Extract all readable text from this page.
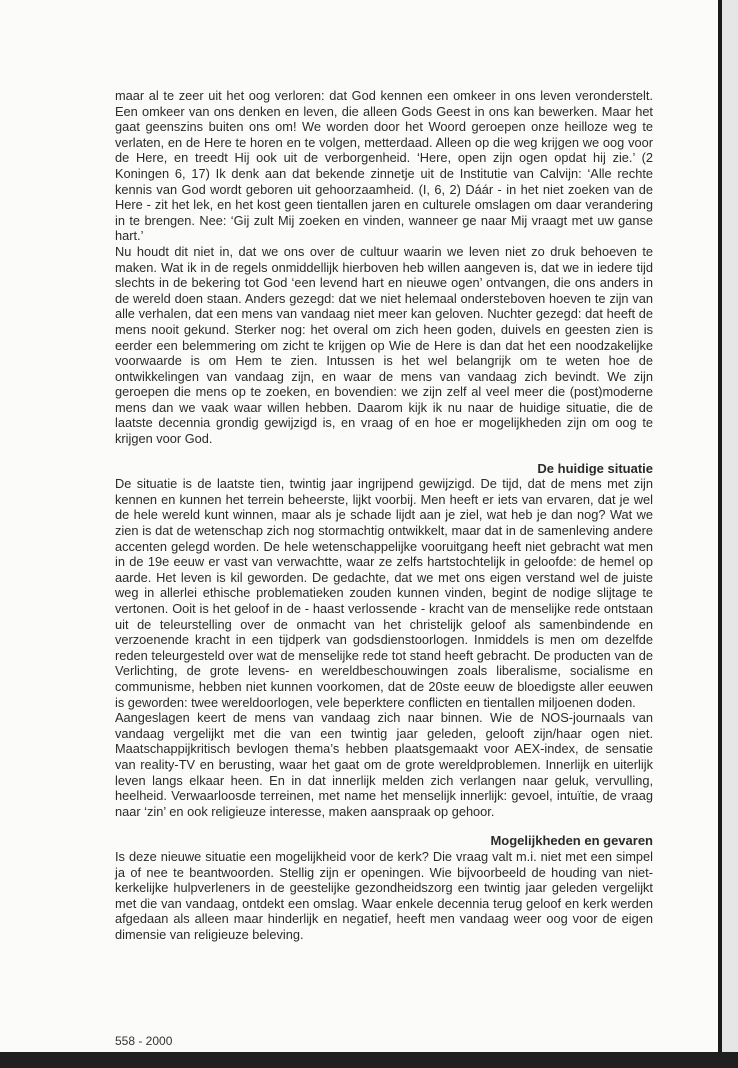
maar al te zeer uit het oog verloren: dat God kennen een omkeer in ons leven veronderstelt. Een omkeer van ons denken en leven, die alleen Gods Geest in ons kan bewerken. Maar het gaat geenszins buiten ons om! We worden door het Woord geroepen onze heilloze weg te verlaten, en de Here te horen en te volgen, metterdaad. Alleen op die weg krijgen we oog voor de Here, en treedt Hij ook uit de verborgenheid. ‘Here, open zijn ogen opdat hij zie.’ (2 Koningen 6, 17) Ik denk aan dat bekende zinnetje uit de Institutie van Calvijn: ‘Alle rechte kennis van God wordt geboren uit gehoorzaamheid. (I, 6, 2) Dáár - in het niet zoeken van de Here - zit het lek, en het kost geen tientallen jaren en culturele omslagen om daar verandering in te brengen. Nee: ‘Gij zult Mij zoeken en vinden, wanneer ge naar Mij vraagt met uw ganse hart.’

Nu houdt dit niet in, dat we ons over de cultuur waarin we leven niet zo druk behoeven te maken. Wat ik in de regels onmiddellijk hierboven heb willen aangeven is, dat we in iedere tijd slechts in de bekering tot God ‘een levend hart en nieuwe ogen’ ontvangen, die ons anders in de wereld doen staan. Anders gezegd: dat we niet helemaal ondersteboven hoeven te zijn van alle verhalen, dat een mens van vandaag niet meer kan geloven. Nuchter gezegd: dat heeft de mens nooit gekund. Sterker nog: het overal om zich heen goden, duivels en geesten zien is eerder een belemmering om zicht te krijgen op Wie de Here is dan dat het een noodzakelijke voorwaarde is om Hem te zien. Intussen is het wel belangrijk om te weten hoe de ontwikkelingen van vandaag zijn, en waar de mens van vandaag zich bevindt. We zijn geroepen die mens op te zoeken, en bovendien: we zijn zelf al veel meer die (post)moderne mens dan we vaak waar willen hebben. Daarom kijk ik nu naar de huidige situatie, die de laatste decennia grondig gewijzigd is, en vraag of en hoe er mogelijkheden zijn om oog te krijgen voor God.

De huidige situatie

De situatie is de laatste tien, twintig jaar ingrijpend gewijzigd. De tijd, dat de mens met zijn kennen en kunnen het terrein beheerste, lijkt voorbij. Men heeft er iets van ervaren, dat je wel de hele wereld kunt winnen, maar als je schade lijdt aan je ziel, wat heb je dan nog? Wat we zien is dat de wetenschap zich nog stormachtig ontwikkelt, maar dat in de samenleving andere accenten gelegd worden. De hele wetenschappelijke vooruitgang heeft niet gebracht wat men in de 19e eeuw er vast van verwachtte, waar ze zelfs hartstochtelijk in geloofde: de hemel op aarde. Het leven is kil geworden. De gedachte, dat we met ons eigen verstand wel de juiste weg in allerlei ethische problematieken zouden kunnen vinden, begint de nodige slijtage te vertonen. Ooit is het geloof in de - haast verlossende - kracht van de menselijke rede ontstaan uit de teleurstelling over de onmacht van het christelijk geloof als samenbindende en verzoenende kracht in een tijdperk van godsdienstoorlogen. Inmiddels is men om dezelfde reden teleurgesteld over wat de menselijke rede tot stand heeft gebracht. De producten van de Verlichting, de grote levens- en wereldbeschouwingen zoals liberalisme, socialisme en communisme, hebben niet kunnen voorkomen, dat de 20ste eeuw de bloedigste aller eeuwen is geworden: twee wereldoorlogen, vele beperktere conflicten en tientallen miljoenen doden.

Aangeslagen keert de mens van vandaag zich naar binnen. Wie de NOS-journaals van vandaag vergelijkt met die van een twintig jaar geleden, gelooft zijn/haar ogen niet. Maatschappijkritisch bevlogen thema’s hebben plaatsgemaakt voor AEX-index, de sensatie van reality-TV en berusting, waar het gaat om de grote wereldproblemen. Innerlijk en uiterlijk leven langs elkaar heen. En in dat innerlijk melden zich verlangen naar geluk, vervulling, heelheid. Verwaarloosde terreinen, met name het menselijk innerlijk: gevoel, intuïtie, de vraag naar ‘zin’ en ook religieuze interesse, maken aanspraak op gehoor.

Mogelijkheden en gevaren

Is deze nieuwe situatie een mogelijkheid voor de kerk? Die vraag valt m.i. niet met een simpel ja of nee te beantwoorden. Stellig zijn er openingen. Wie bijvoorbeeld de houding van niet-kerkelijke hulpverleners in de geestelijke gezondheidszorg een twintig jaar geleden vergelijkt met die van vandaag, ontdekt een omslag. Waar enkele decennia terug geloof en kerk werden afgedaan als alleen maar hinderlijk en negatief, heeft men vandaag weer oog voor de eigen dimensie van religieuze beleving.

558 - 2000
